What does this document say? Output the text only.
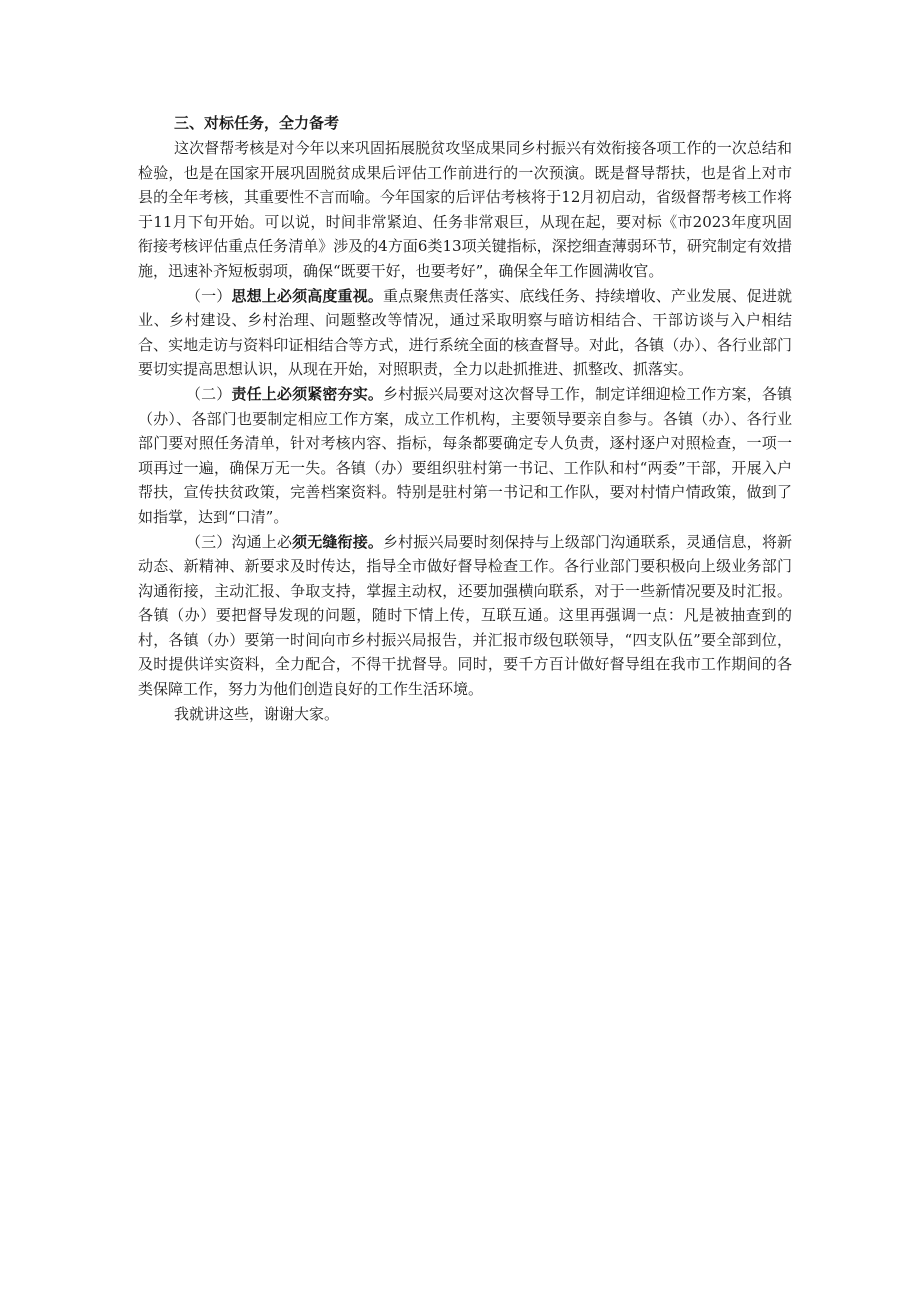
三、对标任务，全力备考

这次督帮考核是对今年以来巩固拓展脱贫攻坚成果同乡村振兴有效衔接各项工作的一次总结和检验，也是在国家开展巩固脱贫成果后评估工作前进行的一次预演。既是督导帮扶，也是省上对市县的全年考核，其重要性不言而喻。今年国家的后评估考核将于12月初启动，省级督帮考核工作将于11月下旬开始。可以说，时间非常紧迫、任务非常艰巨，从现在起，要对标《市2023年度巩固衔接考核评估重点任务清单》涉及的4方面6类13项关键指标，深挖细查薄弱环节，研究制定有效措施，迅速补齐短板弱项，确保“既要干好，也要考好”，确保全年工作圆满收官。

（一）思想上必须高度重视。重点聚焦责任落实、底线任务、持续增收、产业发展、促进就业、乡村建设、乡村治理、问题整改等情况，通过采取明察与暗访相结合、干部访谈与入户相结合、实地走访与资料印证相结合等方式，进行系统全面的核查督导。对此，各镇（办）、各行业部门要切实提高思想认识，从现在开始，对照职责，全力以赴抓推进、抓整改、抓落实。

（二）责任上必须紧密夯实。乡村振兴局要对这次督导工作，制定详细迎检工作方案，各镇（办）、各部门也要制定相应工作方案，成立工作机构，主要领导要亲自参与。各镇（办）、各行业部门要对照任务清单，针对考核内容、指标，每条都要确定专人负责，逐村逐户对照检查，一项一项再过一遍，确保万无一失。各镇（办）要组织驻村第一书记、工作队和村“两委”干部，开展入户帮扶，宣传扶贫政策，完善档案资料。特别是驻村第一书记和工作队，要对村情户情政策，做到了如指掌，达到“口清”。

（三）沟通上必须无缝衔接。乡村振兴局要时刻保持与上级部门沟通联系，灵通信息，将新动态、新精神、新要求及时传达，指导全市做好督导检查工作。各行业部门要积极向上级业务部门沟通衔接，主动汇报、争取支持，掌握主动权，还要加强横向联系，对于一些新情况要及时汇报。各镇（办）要把督导发现的问题，随时下情上传，互联互通。这里再强调一点：凡是被抽查到的村，各镇（办）要第一时间向市乡村振兴局报告，并汇报市级包联领导，“四支队伍”要全部到位，及时提供详实资料，全力配合，不得干扰督导。同时，要千方百计做好督导组在我市工作期间的各类保障工作，努力为他们创造良好的工作生活环境。

我就讲这些，谢谢大家。
